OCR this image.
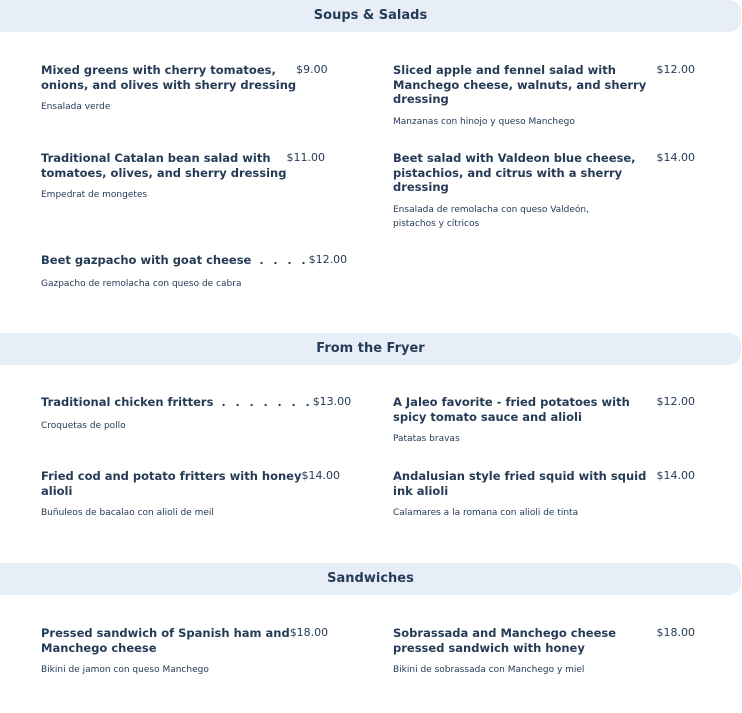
Soups & Salads
Mixed greens with cherry tomatoes,
onions, and olives with sherry dressing
$9.00
Ensalada verde
Sliced apple and fennel salad with
Manchego cheese, walnuts, and sherry
dressing
$12.00
Manzanas con hinojo y queso Manchego
Traditional Catalan bean salad with
tomatoes, olives, and sherry dressing
$11.00
Empedrat de mongetes
Beet salad with Valdeon blue cheese,
pistachios, and citrus with a sherry
dressing
$14.00
Ensalada de remolacha con queso Valdeón,
pistachos y cítricos
Beet gazpacho with goat cheese . . . . $12.00
Gazpacho de remolacha con queso de cabra
From the Fryer
Traditional chicken fritters . . . . . . . $13.00
Croquetas de pollo
A Jaleo favorite - fried potatoes with
spicy tomato sauce and alioli
$12.00
Patatas bravas
Fried cod and potato fritters with honey
alioli
$14.00
Buñuleos de bacalao con alioli de meil
Andalusian style fried squid with squid
ink alioli
$14.00
Calamares a la romana con alioli de tinta
Sandwiches
Pressed sandwich of Spanish ham and
Manchego cheese
$18.00
Bikini de jamon con queso Manchego
Sobrassada and Manchego cheese
pressed sandwich with honey
$18.00
Bikini de sobrassada con Manchego y miel
